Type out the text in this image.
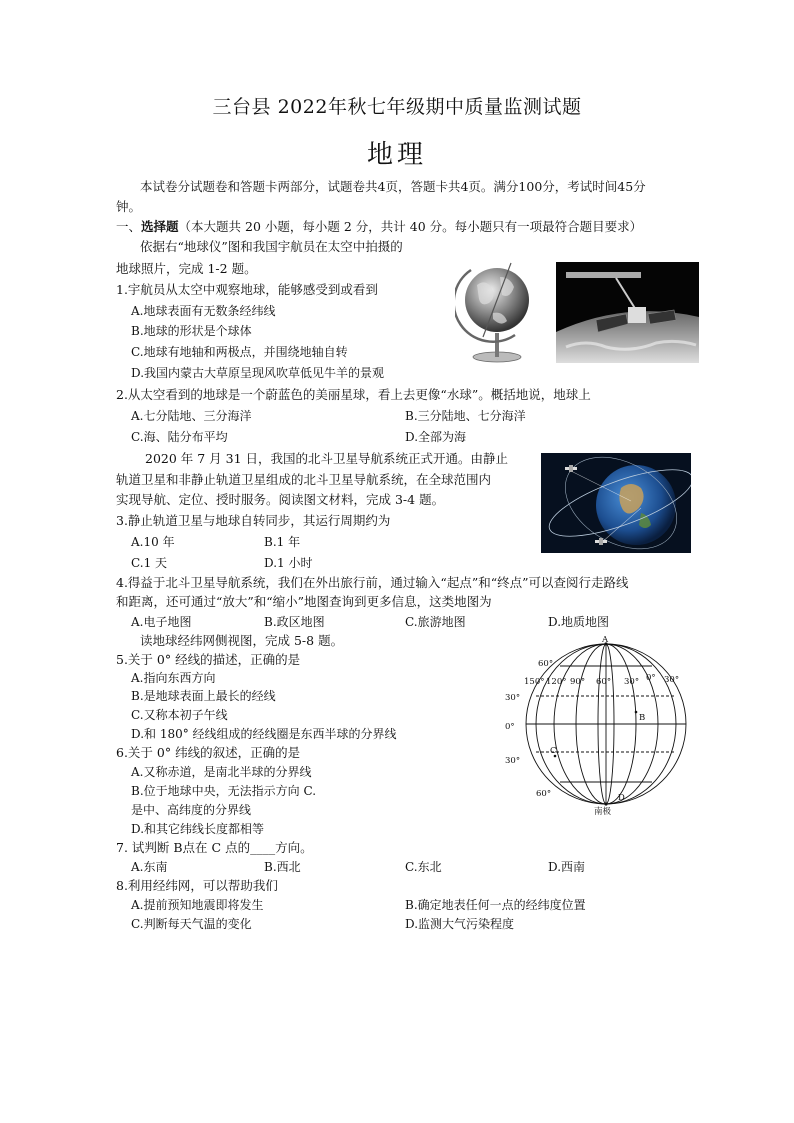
三台县 2022年秋七年级期中质量监测试题
地理
本试卷分试题卷和答题卡两部分，试题卷共4页，答题卡共4页。满分100分，考试时间45分
钟。
一、选择题（本大题共 20 小题，每小题 2 分，共计 40 分。每小题只有一项最符合题目要求）
依据右“地球仪”图和我国宇航员在太空中拍摄的
地球照片，完成 1-2 题。
1.宇航员从太空中观察地球，能够感受到或看到
A.地球表面有无数条经纬线
B.地球的形状是个球体
C.地球有地轴和两极点，并围绕地轴自转
D.我国内蒙古大草原呈现风吹草低见牛羊的景观
2.从太空看到的地球是一个蔚蓝色的美丽星球，看上去更像“水球”。概括地说，地球上
A.七分陆地、三分海洋	B.三分陆地、七分海洋
C.海、陆分布平均	D.全部为海
2020 年 7 月 31 日，我国的北斗卫星导航系统正式开通。由静止
轨道卫星和非静止轨道卫星组成的北斗卫星导航系统，在全球范围内
实现导航、定位、授时服务。阅读图文材料，完成 3-4 题。
3.静止轨道卫星与地球自转同步，其运行周期约为
A.10 年	B.1 年
C.1 天	D.1 小时
4.得益于北斗卫星导航系统，我们在外出旅行前，通过输入“起点”和“终点”可以查阅行走路线
和距离，还可通过“放大”和“缩小”地图查询到更多信息，这类地图为
A.电子地图	B.政区地图	C.旅游地图	D.地质地图
读地球经纬网侧视图，完成 5-8 题。	A
60°
30°
0°
30°
60°
150° 120° 90° 60° 30° 0° 30°
B
C
D
南极
5.关于 0° 经线的描述，正确的是
A.指向东西方向
B.是地球表面上最长的经线
C.又称本初子午线
D.和 180° 经线组成的经线圈是东西半球的分界线
6.关于 0° 纬线的叙述，正确的是
A.又称赤道，是南北半球的分界线
B.位于地球中央，无法指示方向 C.
是中、高纬度的分界线
D.和其它纬线长度都相等
7. 试判断 B点在 C 点的____方向。
A.东南	B.西北	C.东北	D.西南
8.利用经纬网，可以帮助我们
A.提前预知地震即将发生	B.确定地表任何一点的经纬度位置
C.判断每天气温的变化	D.监测大气污染程度
